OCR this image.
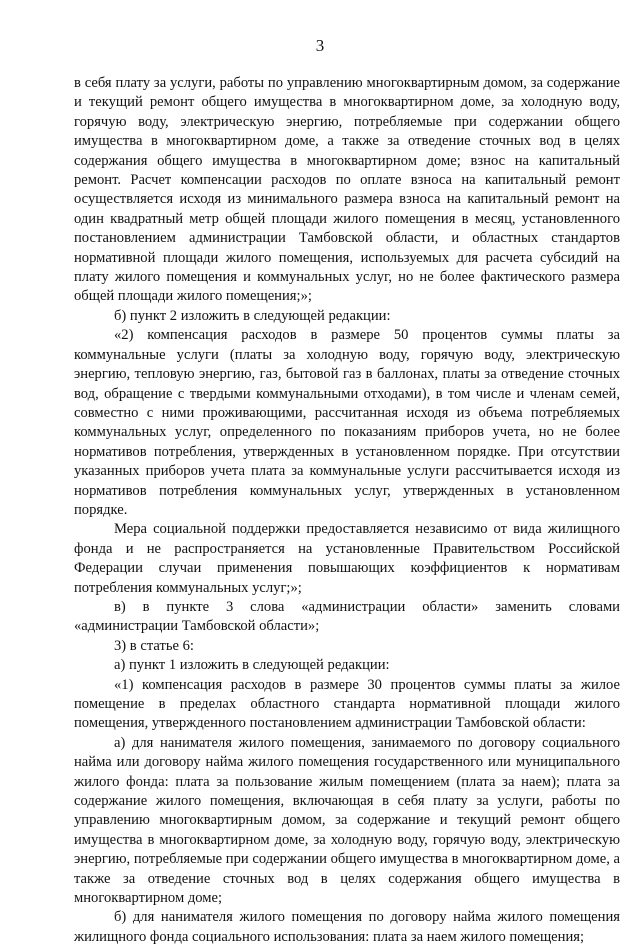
3

в себя плату за услуги, работы по управлению многоквартирным домом, за содержание и текущий ремонт общего имущества в многоквартирном доме, за холодную воду, горячую воду, электрическую энергию, потребляемые при содержании общего имущества в многоквартирном доме, а также за отведение сточных вод в целях содержания общего имущества в многоквартирном доме; взнос на капитальный ремонт. Расчет компенсации расходов по оплате взноса на капитальный ремонт осуществляется исходя из минимального размера взноса на капитальный ремонт на один квадратный метр общей площади жилого помещения в месяц, установленного постановлением администрации Тамбовской области, и областных стандартов нормативной площади жилого помещения, используемых для расчета субсидий на плату жилого помещения и коммунальных услуг, но не более фактического размера общей площади жилого помещения;»;

б) пункт 2 изложить в следующей редакции:

«2) компенсация расходов в размере 50 процентов суммы платы за коммунальные услуги (платы за холодную воду, горячую воду, электрическую энергию, тепловую энергию, газ, бытовой газ в баллонах, платы за отведение сточных вод, обращение с твердыми коммунальными отходами), в том числе и членам семей, совместно с ними проживающими, рассчитанная исходя из объема потребляемых коммунальных услуг, определенного по показаниям приборов учета, но не более нормативов потребления, утвержденных в установленном порядке. При отсутствии указанных приборов учета плата за коммунальные услуги рассчитывается исходя из нормативов потребления коммунальных услуг, утвержденных в установленном порядке.

Мера социальной поддержки предоставляется независимо от вида жилищного фонда и не распространяется на установленные Правительством Российской Федерации случаи применения повышающих коэффициентов к нормативам потребления коммунальных услуг;»;

в) в пункте 3 слова «администрации области» заменить словами «администрации Тамбовской области»;

3) в статье 6:

а) пункт 1 изложить в следующей редакции:

«1) компенсация расходов в размере 30 процентов суммы платы за жилое помещение в пределах областного стандарта нормативной площади жилого помещения, утвержденного постановлением администрации Тамбовской области:

а) для нанимателя жилого помещения, занимаемого по договору социального найма или договору найма жилого помещения государственного или муниципального жилого фонда: плата за пользование жилым помещением (плата за наем); плата за содержание жилого помещения, включающая в себя плату за услуги, работы по управлению многоквартирным домом, за содержание и текущий ремонт общего имущества в многоквартирном доме, за холодную воду, горячую воду, электрическую энергию, потребляемые при содержании общего имущества в многоквартирном доме, а также за отведение сточных вод в целях содержания общего имущества в многоквартирном доме;

б) для нанимателя жилого помещения по договору найма жилого помещения жилищного фонда социального использования: плата за наем жилого помещения;
